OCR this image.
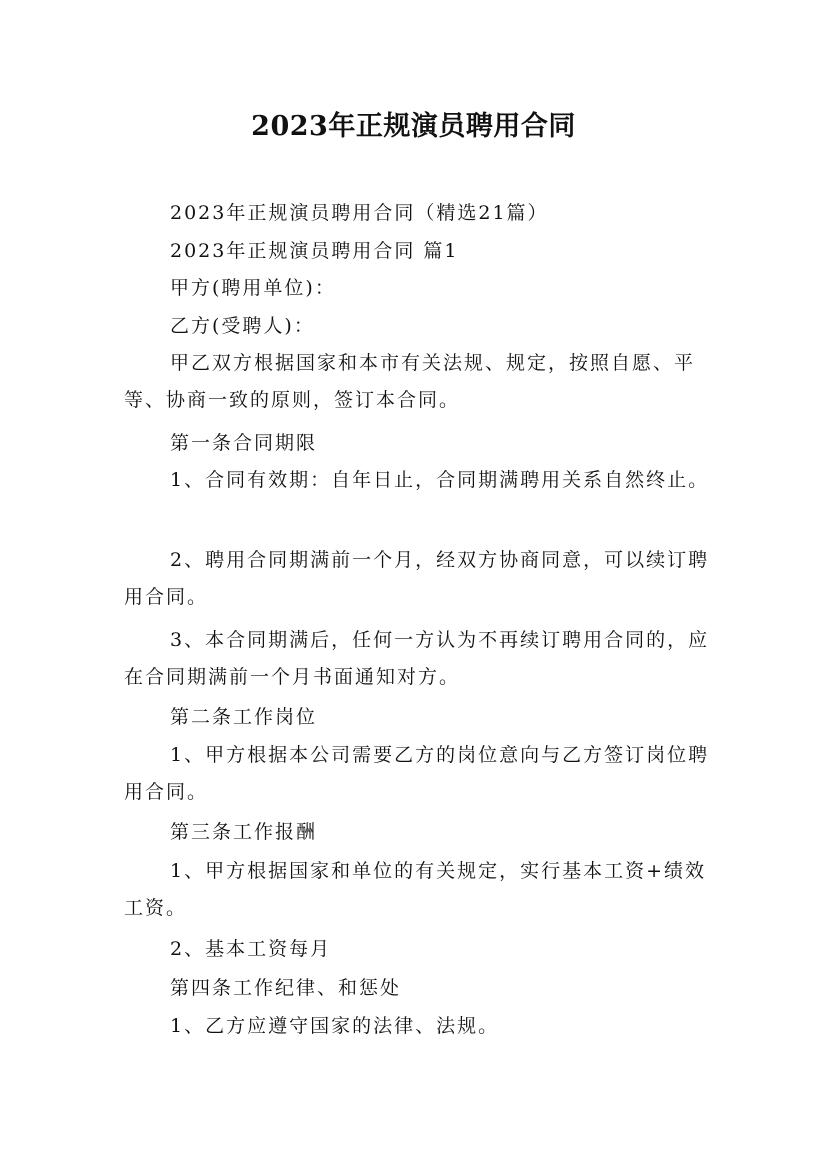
2023年正规演员聘用合同

2023年正规演员聘用合同（精选21篇）

2023年正规演员聘用合同 篇1

甲方(聘用单位)：

乙方(受聘人)：

甲乙双方根据国家和本市有关法规、规定，按照自愿、平等、协商一致的原则，签订本合同。

第一条合同期限

1、合同有效期：自年日止，合同期满聘用关系自然终止。

2、聘用合同期满前一个月，经双方协商同意，可以续订聘用合同。

3、本合同期满后，任何一方认为不再续订聘用合同的，应在合同期满前一个月书面通知对方。

第二条工作岗位

1、甲方根据本公司需要乙方的岗位意向与乙方签订岗位聘用合同。

第三条工作报酬

1、甲方根据国家和单位的有关规定，实行基本工资+绩效工资。

2、基本工资每月

第四条工作纪律、和惩处

1、乙方应遵守国家的法律、法规。
